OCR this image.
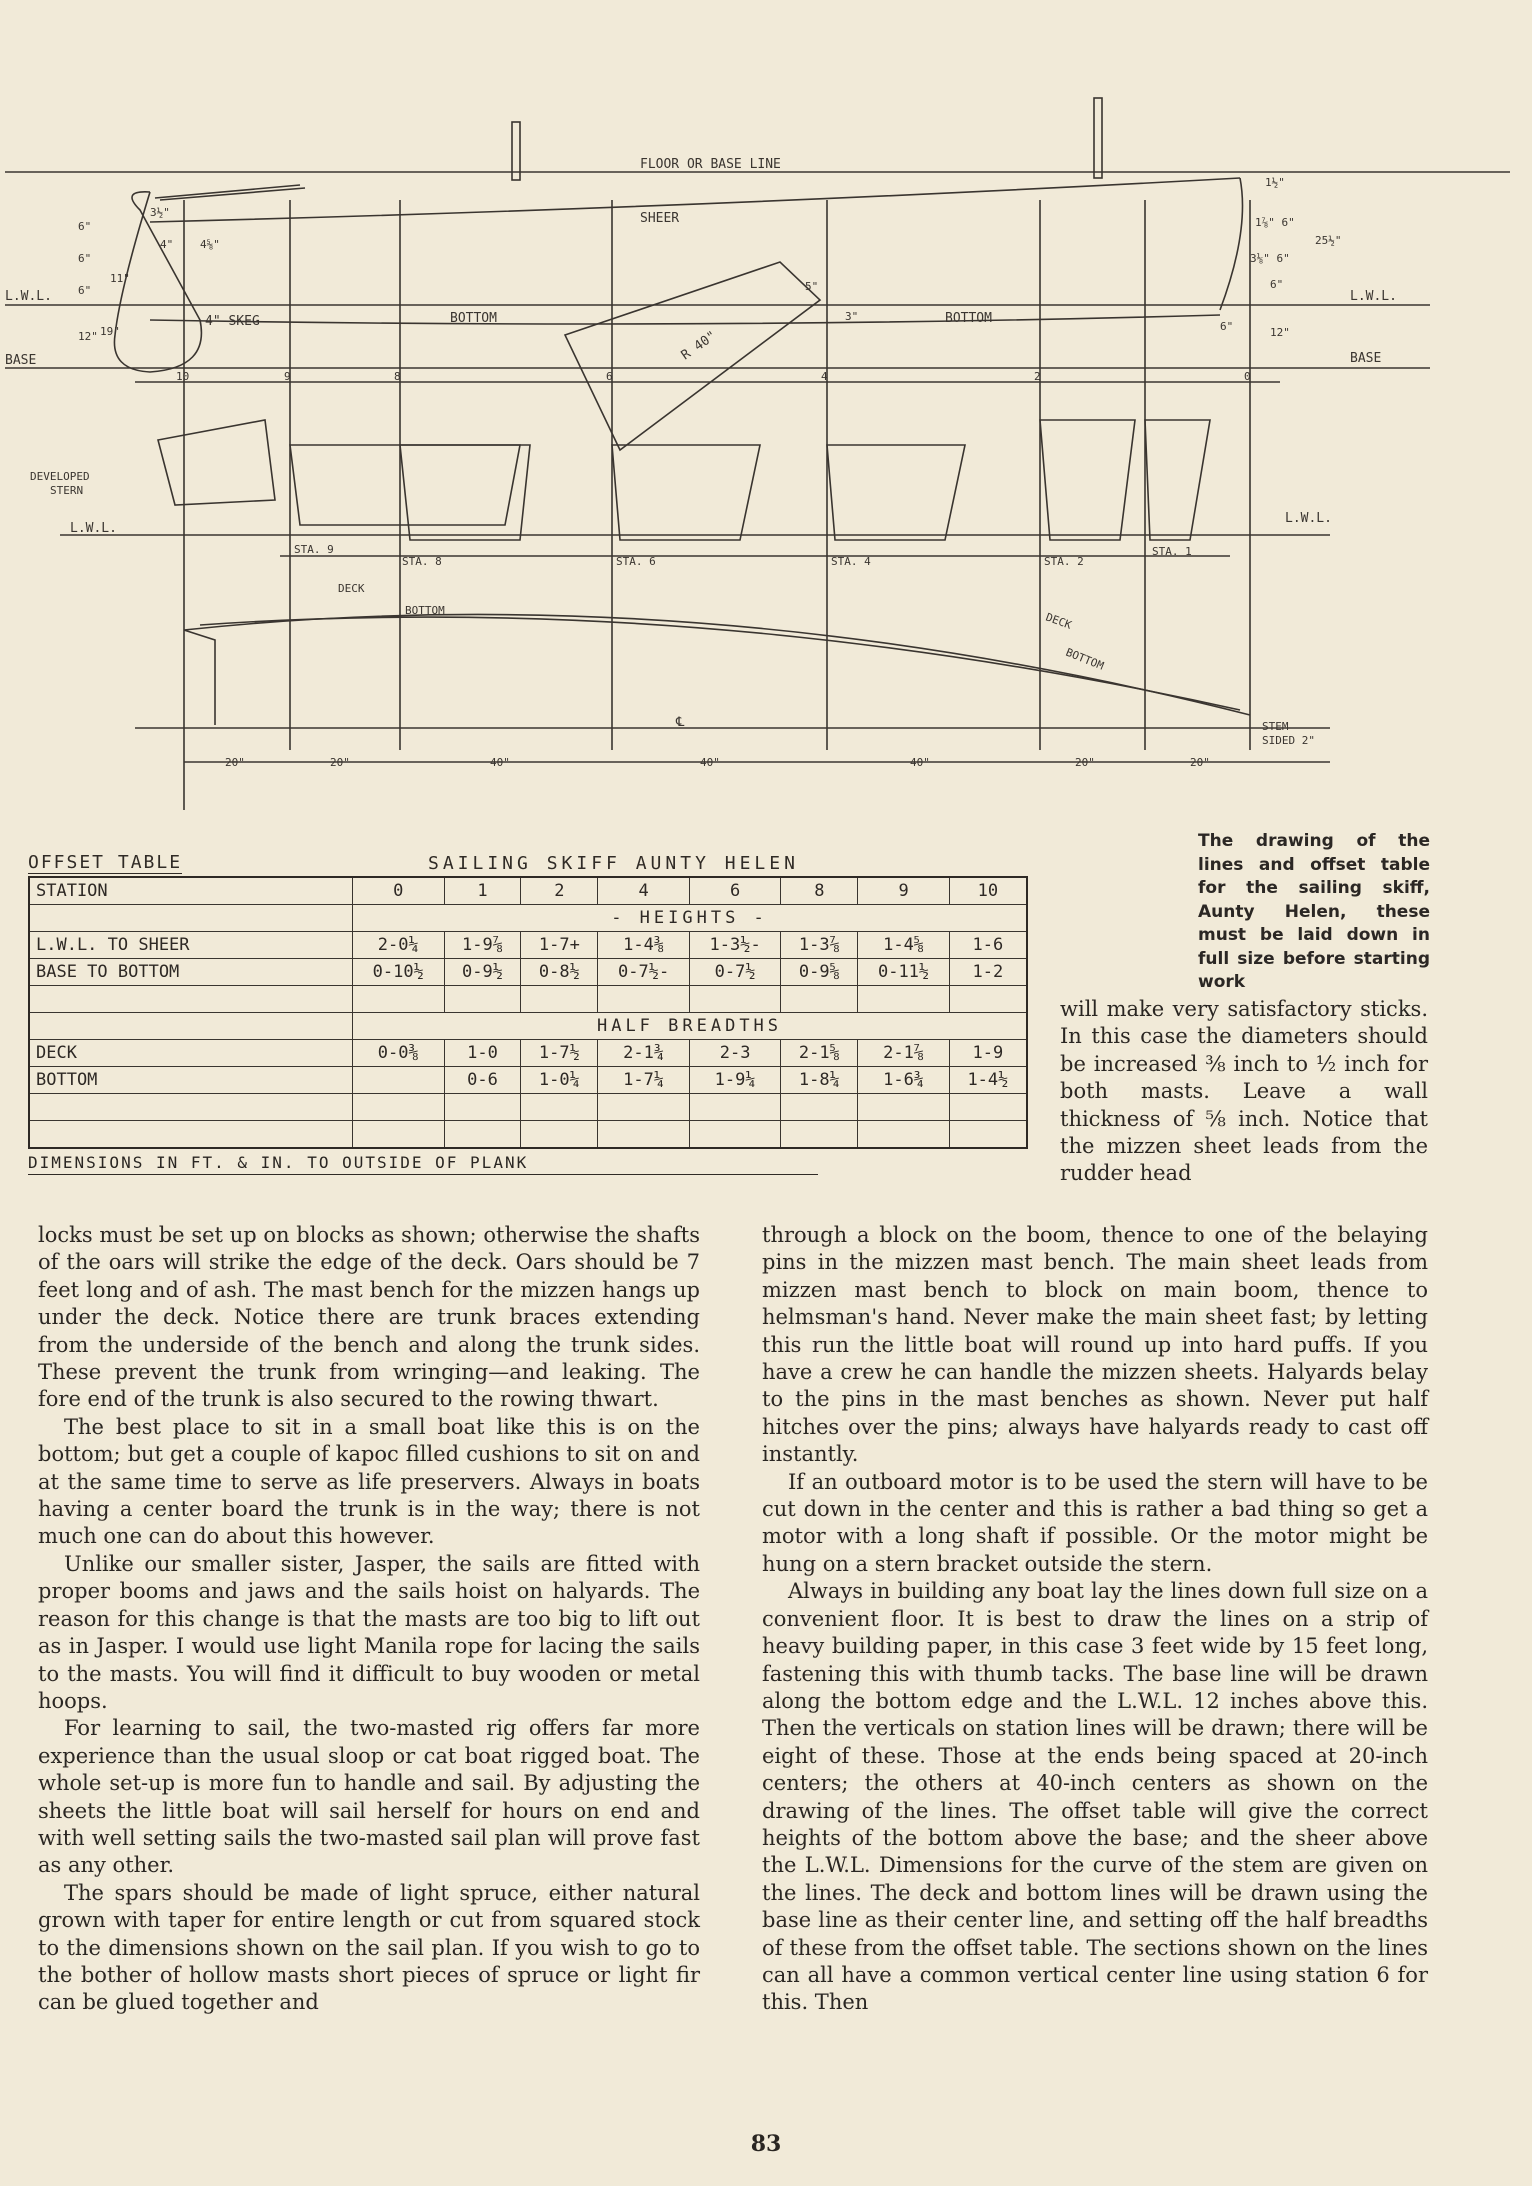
FLOOR OR BASE LINE
SHEER
BOTTOM	BOTTOM
4" SKEG
L.W.L.	L.W.L.
BASE	BASE
R 40"
10	9	8	6	4	2	0
6"
6"
6"
12"
11"
4" 4⅝"
19"
3½"
1½"
1⅞" 6"
3⅛" 6"
6"
25½"
12"
6"
5"
3"
DEVELOPED
STERN
L.W.L.
L.W.L.
STA. 9
STA. 8	STA. 6	STA. 4	STA. 2
STA. 1
DECK
BOTTOM
DECK
BOTTOM
STEM
SIDED 2"
℄
20"	20"	40"	40"	40"	20"	20"
OFFSET TABLE	SAILING SKIFF AUNTY HELEN
STATION	0	1	2	4	6	8	9	10
	- HEIGHTS -							
L.W.L. TO SHEER	2-0¼	1-9⅞	1-7+	1-4⅜	1-3½-	1-3⅞	1-4⅝	1-6
BASE TO BOTTOM	0-10½	0-9½	0-8½	0-7½-	0-7½	0-9⅝	0-11½	1-2

	HALF BREADTHS							
DECK	0-0⅜	1-0	1-7½	2-1¾	2-3	2-1⅝	2-1⅞	1-9
BOTTOM		0-6	1-0¼	1-7¼	1-9¼	1-8¼	1-6¾	1-4½

DIMENSIONS IN FT. & IN. TO OUTSIDE OF PLANK
The drawing of the lines and offset table for the sailing skiff, Aunty Helen, these must be laid down in full size before starting work

will make very satisfactory sticks. In this case the diameters should be increased ⅜ inch to ½ inch for both masts. Leave a wall thickness of ⅝ inch. Notice that the mizzen sheet leads from the rudder head

locks must be set up on blocks as shown; otherwise the shafts of the oars will strike the edge of the deck. Oars should be 7 feet long and of ash. The mast bench for the mizzen hangs up under the deck. Notice there are trunk braces extending from the underside of the bench and along the trunk sides. These prevent the trunk from wringing—and leaking. The fore end of the trunk is also secured to the rowing thwart.

The best place to sit in a small boat like this is on the bottom; but get a couple of kapoc filled cushions to sit on and at the same time to serve as life preservers. Always in boats having a center board the trunk is in the way; there is not much one can do about this however.

Unlike our smaller sister, Jasper, the sails are fitted with proper booms and jaws and the sails hoist on halyards. The reason for this change is that the masts are too big to lift out as in Jasper. I would use light Manila rope for lacing the sails to the masts. You will find it difficult to buy wooden or metal hoops.

For learning to sail, the two-masted rig offers far more experience than the usual sloop or cat boat rigged boat. The whole set-up is more fun to handle and sail. By adjusting the sheets the little boat will sail herself for hours on end and with well setting sails the two-masted sail plan will prove fast as any other.

The spars should be made of light spruce, either natural grown with taper for entire length or cut from squared stock to the dimensions shown on the sail plan. If you wish to go to the bother of hollow masts short pieces of spruce or light fir can be glued together and

through a block on the boom, thence to one of the belaying pins in the mizzen mast bench. The main sheet leads from mizzen mast bench to block on main boom, thence to helmsman's hand. Never make the main sheet fast; by letting this run the little boat will round up into hard puffs. If you have a crew he can handle the mizzen sheets. Halyards belay to the pins in the mast benches as shown. Never put half hitches over the pins; always have halyards ready to cast off instantly.

If an outboard motor is to be used the stern will have to be cut down in the center and this is rather a bad thing so get a motor with a long shaft if possible. Or the motor might be hung on a stern bracket outside the stern.

Always in building any boat lay the lines down full size on a convenient floor. It is best to draw the lines on a strip of heavy building paper, in this case 3 feet wide by 15 feet long, fastening this with thumb tacks. The base line will be drawn along the bottom edge and the L.W.L. 12 inches above this. Then the verticals on station lines will be drawn; there will be eight of these. Those at the ends being spaced at 20-inch centers; the others at 40-inch centers as shown on the drawing of the lines. The offset table will give the correct heights of the bottom above the base; and the sheer above the L.W.L. Dimensions for the curve of the stem are given on the lines. The deck and bottom lines will be drawn using the base line as their center line, and setting off the half breadths of these from the offset table. The sections shown on the lines can all have a common vertical center line using station 6 for this. Then

83
